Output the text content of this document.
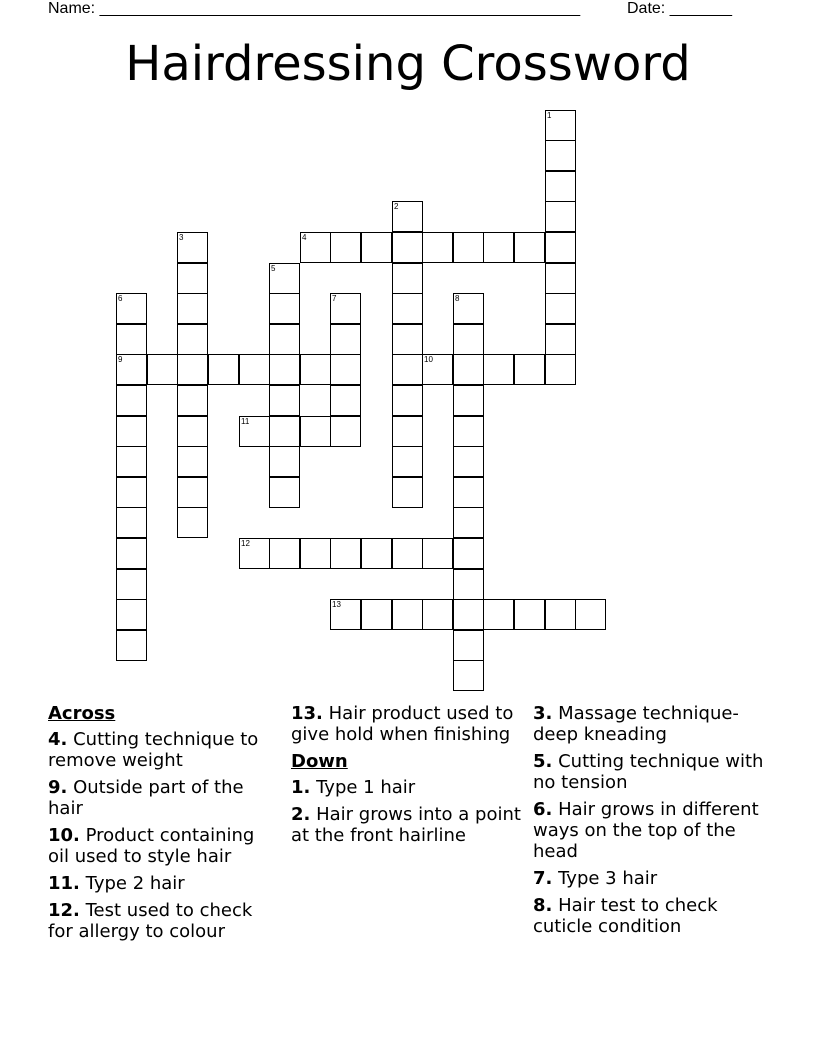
Name: ______________________________________________________	Date: _______
Hairdressing Crossword
4
9	10
11
12
13
1
2
3
5
6	7	8
Across
4. Cutting technique to remove weight
9. Outside part of the hair
10. Product containing oil used to style hair
11. Type 2 hair
12. Test used to check for allergy to colour
13. Hair product used to give hold when finishing
Down
1. Type 1 hair
2. Hair grows into a point at the front hairline
3. Massage technique- deep kneading
5. Cutting technique with no tension
6. Hair grows in different ways on the top of the head
7. Type 3 hair
8. Hair test to check cuticle condition
